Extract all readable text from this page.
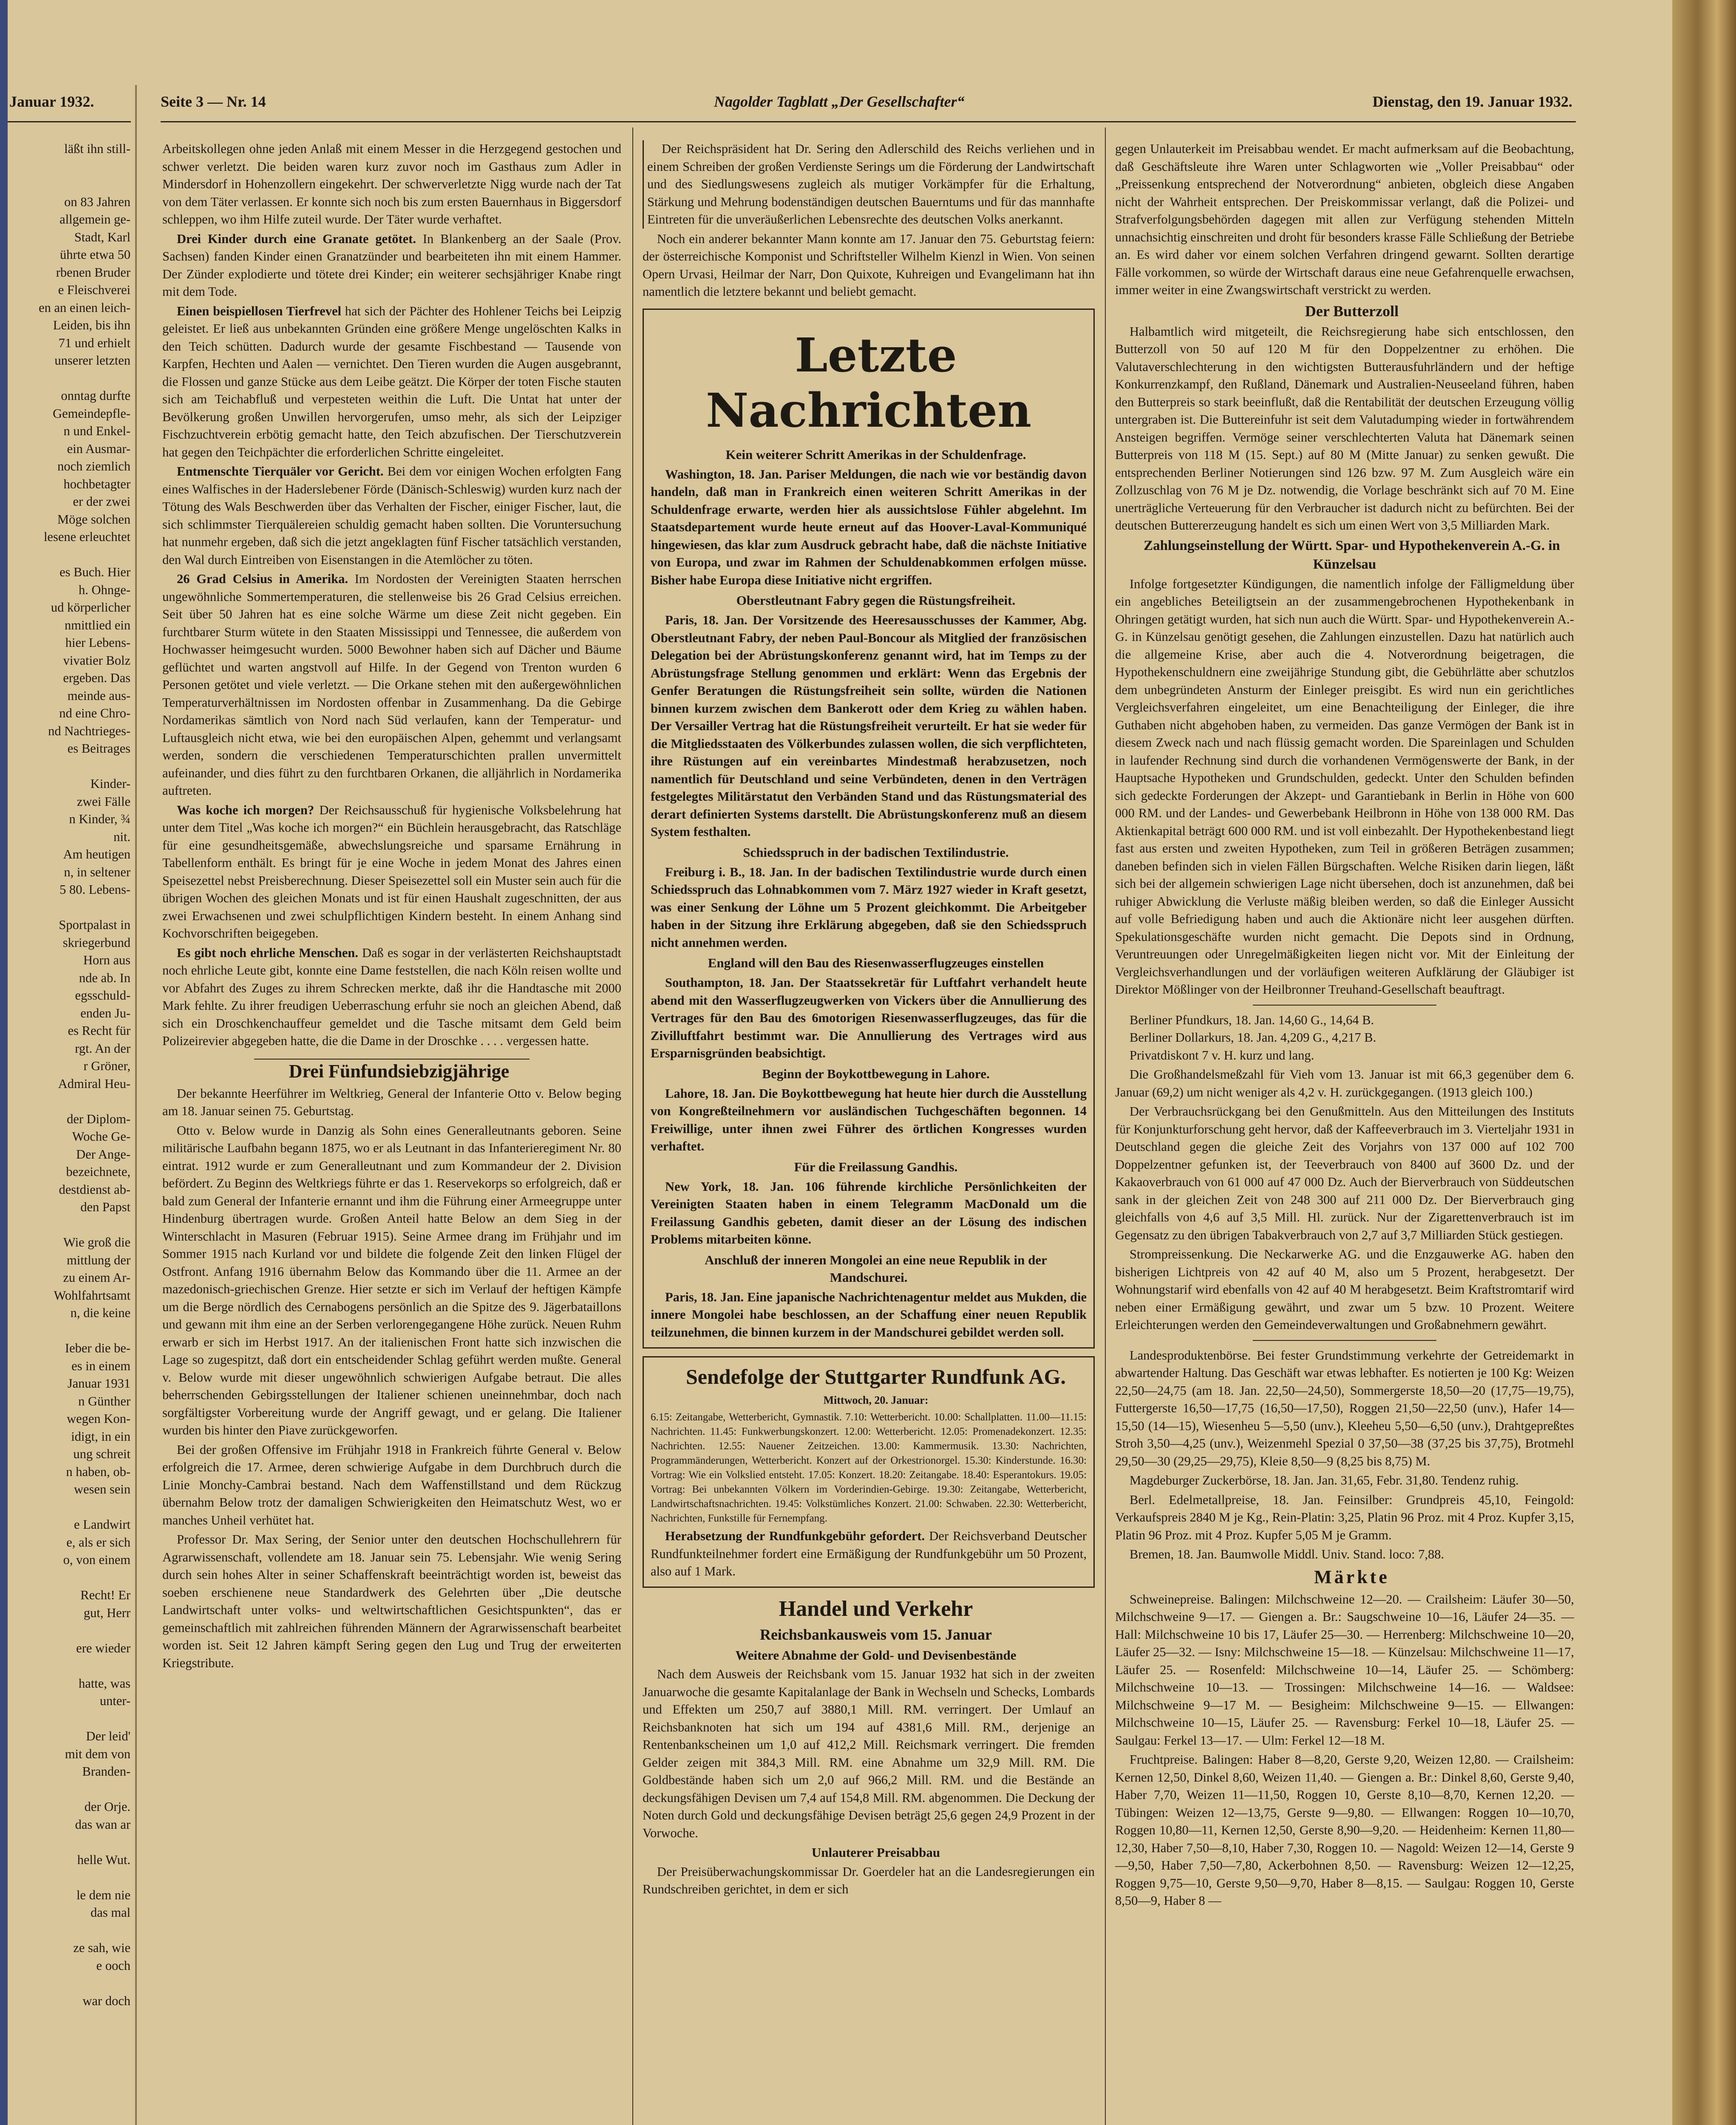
Januar 1932.
läßt ihn still-
on 83 Jahren
allgemein ge-
Stadt, Karl
ührte etwa 50
rbenen Bruder
e Fleischverei
en an einen leich-
Leiden, bis ihn
71 und erhielt
unserer letzten
onntag durfte
Gemeindepfle-
n und Enkel-
ein Ausmar-
noch ziemlich
hochbetagter
er der zwei
Möge solchen
lesene erleuchtet
es Buch. Hier
h. Ohnge-
ud körperlicher
nmittlied ein
hier Lebens-
vivatier Bolz
ergeben. Das
meinde aus-
nd eine Chro-
nd Nachtrieges-
es Beitrages
Kinder-
zwei Fälle
n Kinder, ¾
nit.
Am heutigen
n, in seltener
5 80. Lebens-
Sportpalast in
skriegerbund
Horn aus
nde ab. In
egsschuld-
enden Ju-
es Recht für
rgt. An der
r Gröner,
Admiral Heu-
der Diplom-
Woche Ge-
Der Ange-
bezeichnete,
destdienst ab-
den Papst
Wie groß die
mittlung der
zu einem Ar-
Wohlfahrtsamt
n, die keine
Ieber die be-
es in einem
Januar 1931
n Günther
wegen Kon-
idigt, in ein
ung schreit
n haben, ob-
wesen sein
e Landwirt
e, als er sich
o, von einem
Recht! Er
gut, Herr
ere wieder
hatte, was
unter-
Der leid'
mit dem von
Branden-
der Orje.
das wan ar
helle Wut.
le dem nie
das mal
ze sah, wie
e ooch
war doch
Seite 3 — Nr. 14	Nagolder Tagblatt „Der Gesellschafter“	Dienstag, den 19. Januar 1932.

Arbeitskollegen ohne jeden Anlaß mit einem Messer in die Herzgegend gestochen und schwer verletzt. Die beiden waren kurz zuvor noch im Gasthaus zum Adler in Mindersdorf in Hohenzollern eingekehrt. Der schwerverletzte Nigg wurde nach der Tat von dem Täter verlassen. Er konnte sich noch bis zum ersten Bauernhaus in Biggersdorf schleppen, wo ihm Hilfe zuteil wurde. Der Täter wurde verhaftet.

Drei Kinder durch eine Granate getötet. In Blankenberg an der Saale (Prov. Sachsen) fanden Kinder einen Granatzünder und bearbeiteten ihn mit einem Hammer. Der Zünder explodierte und tötete drei Kinder; ein weiterer sechsjähriger Knabe ringt mit dem Tode.

Einen beispiellosen Tierfrevel hat sich der Pächter des Hohlener Teichs bei Leipzig geleistet. Er ließ aus unbekannten Gründen eine größere Menge ungelöschten Kalks in den Teich schütten. Dadurch wurde der gesamte Fischbestand — Tausende von Karpfen, Hechten und Aalen — vernichtet. Den Tieren wurden die Augen ausgebrannt, die Flossen und ganze Stücke aus dem Leibe geätzt. Die Körper der toten Fische stauten sich am Teichabfluß und verpesteten weithin die Luft. Die Untat hat unter der Bevölkerung großen Unwillen hervorgerufen, umso mehr, als sich der Leipziger Fischzuchtverein erbötig gemacht hatte, den Teich abzufischen. Der Tierschutzverein hat gegen den Teichpächter die erforderlichen Schritte eingeleitet.

Entmenschte Tierquäler vor Gericht. Bei dem vor einigen Wochen erfolgten Fang eines Walfisches in der Haderslebener Förde (Dänisch-Schleswig) wurden kurz nach der Tötung des Wals Beschwerden über das Verhalten der Fischer, einiger Fischer, laut, die sich schlimmster Tierquälereien schuldig gemacht haben sollten. Die Voruntersuchung hat nunmehr ergeben, daß sich die jetzt angeklagten fünf Fischer tatsächlich verstanden, den Wal durch Eintreiben von Eisenstangen in die Atemlöcher zu töten.

26 Grad Celsius in Amerika. Im Nordosten der Vereinigten Staaten herrschen ungewöhnliche Sommertemperaturen, die stellenweise bis 26 Grad Celsius erreichen. Seit über 50 Jahren hat es eine solche Wärme um diese Zeit nicht gegeben. Ein furchtbarer Sturm wütete in den Staaten Mississippi und Tennessee, die außerdem von Hochwasser heimgesucht wurden. 5000 Bewohner haben sich auf Dächer und Bäume geflüchtet und warten angstvoll auf Hilfe. In der Gegend von Trenton wurden 6 Personen getötet und viele verletzt. — Die Orkane stehen mit den außergewöhnlichen Temperaturverhältnissen im Nordosten offenbar in Zusammenhang. Da die Gebirge Nordamerikas sämtlich von Nord nach Süd verlaufen, kann der Temperatur- und Luftausgleich nicht etwa, wie bei den europäischen Alpen, gehemmt und verlangsamt werden, sondern die verschiedenen Temperaturschichten prallen unvermittelt aufeinander, und dies führt zu den furchtbaren Orkanen, die alljährlich in Nordamerika auftreten.

Was koche ich morgen? Der Reichsausschuß für hygienische Volksbelehrung hat unter dem Titel „Was koche ich morgen?“ ein Büchlein herausgebracht, das Ratschläge für eine gesundheitsgemäße, abwechslungsreiche und sparsame Ernährung in Tabellenform enthält. Es bringt für je eine Woche in jedem Monat des Jahres einen Speisezettel nebst Preisberechnung. Dieser Speisezettel soll ein Muster sein auch für die übrigen Wochen des gleichen Monats und ist für einen Haushalt zugeschnitten, der aus zwei Erwachsenen und zwei schulpflichtigen Kindern besteht. In einem Anhang sind Kochvorschriften beigegeben.

Es gibt noch ehrliche Menschen. Daß es sogar in der verlästerten Reichshauptstadt noch ehrliche Leute gibt, konnte eine Dame feststellen, die nach Köln reisen wollte und vor Abfahrt des Zuges zu ihrem Schrecken merkte, daß ihr die Handtasche mit 2000 Mark fehlte. Zu ihrer freudigen Ueberraschung erfuhr sie noch an gleichen Abend, daß sich ein Droschkenchauffeur gemeldet und die Tasche mitsamt dem Geld beim Polizeirevier abgegeben hatte, die die Dame in der Droschke . . . . vergessen hatte.

Drei Fünfundsiebzigjährige

Der bekannte Heerführer im Weltkrieg, General der Infanterie Otto v. Below beging am 18. Januar seinen 75. Geburtstag.

Otto v. Below wurde in Danzig als Sohn eines Generalleutnants geboren. Seine militärische Laufbahn begann 1875, wo er als Leutnant in das Infanterieregiment Nr. 80 eintrat. 1912 wurde er zum Generalleutnant und zum Kommandeur der 2. Division befördert. Zu Beginn des Weltkriegs führte er das 1. Reservekorps so erfolgreich, daß er bald zum General der Infanterie ernannt und ihm die Führung einer Armeegruppe unter Hindenburg übertragen wurde. Großen Anteil hatte Below an dem Sieg in der Winterschlacht in Masuren (Februar 1915). Seine Armee drang im Frühjahr und im Sommer 1915 nach Kurland vor und bildete die folgende Zeit den linken Flügel der Ostfront. Anfang 1916 übernahm Below das Kommando über die 11. Armee an der mazedonisch-griechischen Grenze. Hier setzte er sich im Verlauf der heftigen Kämpfe um die Berge nördlich des Cernabogens persönlich an die Spitze des 9. Jägerbataillons und gewann mit ihm eine an der Serben verlorengegangene Höhe zurück. Neuen Ruhm erwarb er sich im Herbst 1917. An der italienischen Front hatte sich inzwischen die Lage so zugespitzt, daß dort ein entscheidender Schlag geführt werden mußte. General v. Below wurde mit dieser ungewöhnlich schwierigen Aufgabe betraut. Die alles beherrschenden Gebirgsstellungen der Italiener schienen uneinnehmbar, doch nach sorgfältigster Vorbereitung wurde der Angriff gewagt, und er gelang. Die Italiener wurden bis hinter den Piave zurückgeworfen.

Bei der großen Offensive im Frühjahr 1918 in Frankreich führte General v. Below erfolgreich die 17. Armee, deren schwierige Aufgabe in dem Durchbruch durch die Linie Monchy-Cambrai bestand. Nach dem Waffenstillstand und dem Rückzug übernahm Below trotz der damaligen Schwierigkeiten den Heimatschutz West, wo er manches Unheil verhütet hat.

Professor Dr. Max Sering, der Senior unter den deutschen Hochschullehrern für Agrarwissenschaft, vollendete am 18. Januar sein 75. Lebensjahr. Wie wenig Sering durch sein hohes Alter in seiner Schaffenskraft beeinträchtigt worden ist, beweist das soeben erschienene neue Standardwerk des Gelehrten über „Die deutsche Landwirtschaft unter volks- und weltwirtschaftlichen Gesichtspunkten“, das er gemeinschaftlich mit zahlreichen führenden Männern der Agrarwissenschaft bearbeitet worden ist. Seit 12 Jahren kämpft Sering gegen den Lug und Trug der erweiterten Kriegstribute.

Der Reichspräsident hat Dr. Sering den Adlerschild des Reichs verliehen und in einem Schreiben der großen Verdienste Serings um die Förderung der Landwirtschaft und des Siedlungswesens zugleich als mutiger Vorkämpfer für die Erhaltung, Stärkung und Mehrung bodenständigen deutschen Bauerntums und für das mannhafte Eintreten für die unveräußerlichen Lebensrechte des deutschen Volks anerkannt.

Noch ein anderer bekannter Mann konnte am 17. Januar den 75. Geburtstag feiern: der österreichische Komponist und Schriftsteller Wilhelm Kienzl in Wien. Von seinen Opern Urvasi, Heilmar der Narr, Don Quixote, Kuhreigen und Evangelimann hat ihn namentlich die letztere bekannt und beliebt gemacht.

Letzte Nachrichten

Kein weiterer Schritt Amerikas in der Schuldenfrage.

Washington, 18. Jan. Pariser Meldungen, die nach wie vor beständig davon handeln, daß man in Frankreich einen weiteren Schritt Amerikas in der Schuldenfrage erwarte, werden hier als aussichtslose Fühler abgelehnt. Im Staatsdepartement wurde heute erneut auf das Hoover-Laval-Kommuniqué hingewiesen, das klar zum Ausdruck gebracht habe, daß die nächste Initiative von Europa, und zwar im Rahmen der Schuldenabkommen erfolgen müsse. Bisher habe Europa diese Initiative nicht ergriffen.

Oberstleutnant Fabry gegen die Rüstungsfreiheit.

Paris, 18. Jan. Der Vorsitzende des Heeresausschusses der Kammer, Abg. Oberstleutnant Fabry, der neben Paul-Boncour als Mitglied der französischen Delegation bei der Abrüstungskonferenz genannt wird, hat im Temps zu der Abrüstungsfrage Stellung genommen und erklärt: Wenn das Ergebnis der Genfer Beratungen die Rüstungsfreiheit sein sollte, würden die Nationen binnen kurzem zwischen dem Bankerott oder dem Krieg zu wählen haben. Der Versailler Vertrag hat die Rüstungsfreiheit verurteilt. Er hat sie weder für die Mitgliedsstaaten des Völkerbundes zulassen wollen, die sich verpflichteten, ihre Rüstungen auf ein vereinbartes Mindestmaß herabzusetzen, noch namentlich für Deutschland und seine Verbündeten, denen in den Verträgen festgelegtes Militärstatut den Verbänden Stand und das Rüstungsmaterial des derart definierten Systems darstellt. Die Abrüstungskonferenz muß an diesem System festhalten.

Schiedsspruch in der badischen Textilindustrie.

Freiburg i. B., 18. Jan. In der badischen Textilindustrie wurde durch einen Schiedsspruch das Lohnabkommen vom 7. März 1927 wieder in Kraft gesetzt, was einer Senkung der Löhne um 5 Prozent gleichkommt. Die Arbeitgeber haben in der Sitzung ihre Erklärung abgegeben, daß sie den Schiedsspruch nicht annehmen werden.

England will den Bau des Riesenwasserflugzeuges einstellen

Southampton, 18. Jan. Der Staatssekretär für Luftfahrt verhandelt heute abend mit den Wasserflugzeugwerken von Vickers über die Annullierung des Vertrages für den Bau des 6motorigen Riesenwasserflugzeuges, das für die Zivilluftfahrt bestimmt war. Die Annullierung des Vertrages wird aus Ersparnisgründen beabsichtigt.

Beginn der Boykottbewegung in Lahore.

Lahore, 18. Jan. Die Boykottbewegung hat heute hier durch die Ausstellung von Kongreßteilnehmern vor ausländischen Tuchgeschäften begonnen. 14 Freiwillige, unter ihnen zwei Führer des örtlichen Kongresses wurden verhaftet.

Für die Freilassung Gandhis.

New York, 18. Jan. 106 führende kirchliche Persönlichkeiten der Vereinigten Staaten haben in einem Telegramm MacDonald um die Freilassung Gandhis gebeten, damit dieser an der Lösung des indischen Problems mitarbeiten könne.

Anschluß der inneren Mongolei an eine neue Republik in der Mandschurei.

Paris, 18. Jan. Eine japanische Nachrichtenagentur meldet aus Mukden, die innere Mongolei habe beschlossen, an der Schaffung einer neuen Republik teilzunehmen, die binnen kurzem in der Mandschurei gebildet werden soll.

Sendefolge der Stuttgarter Rundfunk AG.

Mittwoch, 20. Januar:

6.15: Zeitangabe, Wetterbericht, Gymnastik. 7.10: Wetterbericht. 10.00: Schallplatten. 11.00—11.15: Nachrichten. 11.45: Funkwerbungskonzert. 12.00: Wetterbericht. 12.05: Promenadekonzert. 12.35: Nachrichten. 12.55: Nauener Zeitzeichen. 13.00: Kammermusik. 13.30: Nachrichten, Programmänderungen, Wetterbericht. Konzert auf der Orkestrionorgel. 15.30: Kinderstunde. 16.30: Vortrag: Wie ein Volkslied entsteht. 17.05: Konzert. 18.20: Zeitangabe. 18.40: Esperantokurs. 19.05: Vortrag: Bei unbekannten Völkern im Vorderindien-Gebirge. 19.30: Zeitangabe, Wetterbericht, Landwirtschaftsnachrichten. 19.45: Volkstümliches Konzert. 21.00: Schwaben. 22.30: Wetterbericht, Nachrichten, Funkstille für Fernempfang.

Herabsetzung der Rundfunkgebühr gefordert. Der Reichsverband Deutscher Rundfunkteilnehmer fordert eine Ermäßigung der Rundfunkgebühr um 50 Prozent, also auf 1 Mark.

Handel und Verkehr

Reichsbankausweis vom 15. Januar

Weitere Abnahme der Gold- und Devisenbestände

Nach dem Ausweis der Reichsbank vom 15. Januar 1932 hat sich in der zweiten Januarwoche die gesamte Kapitalanlage der Bank in Wechseln und Schecks, Lombards und Effekten um 250,7 auf 3880,1 Mill. RM. verringert. Der Umlauf an Reichsbanknoten hat sich um 194 auf 4381,6 Mill. RM., derjenige an Rentenbankscheinen um 1,0 auf 412,2 Mill. Reichsmark verringert. Die fremden Gelder zeigen mit 384,3 Mill. RM. eine Abnahme um 32,9 Mill. RM. Die Goldbestände haben sich um 2,0 auf 966,2 Mill. RM. und die Bestände an deckungsfähigen Devisen um 7,4 auf 154,8 Mill. RM. abgenommen. Die Deckung der Noten durch Gold und deckungsfähige Devisen beträgt 25,6 gegen 24,9 Prozent in der Vorwoche.

Unlauterer Preisabbau

Der Preisüberwachungskommissar Dr. Goerdeler hat an die Landesregierungen ein Rundschreiben gerichtet, in dem er sich

gegen Unlauterkeit im Preisabbau wendet. Er macht aufmerksam auf die Beobachtung, daß Geschäftsleute ihre Waren unter Schlagworten wie „Voller Preisabbau“ oder „Preissenkung entsprechend der Notverordnung“ anbieten, obgleich diese Angaben nicht der Wahrheit entsprechen. Der Preiskommissar verlangt, daß die Polizei- und Strafverfolgungsbehörden dagegen mit allen zur Verfügung stehenden Mitteln unnachsichtig einschreiten und droht für besonders krasse Fälle Schließung der Betriebe an. Es wird daher vor einem solchen Verfahren dringend gewarnt. Sollten derartige Fälle vorkommen, so würde der Wirtschaft daraus eine neue Gefahrenquelle erwachsen, immer weiter in eine Zwangswirtschaft verstrickt zu werden.

Der Butterzoll

Halbamtlich wird mitgeteilt, die Reichsregierung habe sich entschlossen, den Butterzoll von 50 auf 120 M für den Doppelzentner zu erhöhen. Die Valutaverschlechterung in den wichtigsten Butterausfuhrländern und der heftige Konkurrenzkampf, den Rußland, Dänemark und Australien-Neuseeland führen, haben den Butterpreis so stark beeinflußt, daß die Rentabilität der deutschen Erzeugung völlig untergraben ist. Die Buttereinfuhr ist seit dem Valutadumping wieder in fortwährendem Ansteigen begriffen. Vermöge seiner verschlechterten Valuta hat Dänemark seinen Butterpreis von 118 M (15. Sept.) auf 80 M (Mitte Januar) zu senken gewußt. Die entsprechenden Berliner Notierungen sind 126 bzw. 97 M. Zum Ausgleich wäre ein Zollzuschlag von 76 M je Dz. notwendig, die Vorlage beschränkt sich auf 70 M. Eine unerträgliche Verteuerung für den Verbraucher ist dadurch nicht zu befürchten. Bei der deutschen Buttererzeugung handelt es sich um einen Wert von 3,5 Milliarden Mark.

Zahlungseinstellung der Württ. Spar- und Hypothekenverein A.-G. in Künzelsau

Infolge fortgesetzter Kündigungen, die namentlich infolge der Fälligmeldung über ein angebliches Beteiligtsein an der zusammengebrochenen Hypothekenbank in Ohringen getätigt wurden, hat sich nun auch die Württ. Spar- und Hypothekenverein A.-G. in Künzelsau genötigt gesehen, die Zahlungen einzustellen. Dazu hat natürlich auch die allgemeine Krise, aber auch die 4. Notverordnung beigetragen, die Hypothekenschuldnern eine zweijährige Stundung gibt, die Gebührlätte aber schutzlos dem unbegründeten Ansturm der Einleger preisgibt. Es wird nun ein gerichtliches Vergleichsverfahren eingeleitet, um eine Benachteiligung der Einleger, die ihre Guthaben nicht abgehoben haben, zu vermeiden. Das ganze Vermögen der Bank ist in diesem Zweck nach und nach flüssig gemacht worden. Die Spareinlagen und Schulden in laufender Rechnung sind durch die vorhandenen Vermögenswerte der Bank, in der Hauptsache Hypotheken und Grundschulden, gedeckt. Unter den Schulden befinden sich gedeckte Forderungen der Akzept- und Garantiebank in Berlin in Höhe von 600 000 RM. und der Landes- und Gewerbebank Heilbronn in Höhe von 138 000 RM. Das Aktienkapital beträgt 600 000 RM. und ist voll einbezahlt. Der Hypothekenbestand liegt fast aus ersten und zweiten Hypotheken, zum Teil in größeren Beträgen zusammen; daneben befinden sich in vielen Fällen Bürgschaften. Welche Risiken darin liegen, läßt sich bei der allgemein schwierigen Lage nicht übersehen, doch ist anzunehmen, daß bei ruhiger Abwicklung die Verluste mäßig bleiben werden, so daß die Einleger Aussicht auf volle Befriedigung haben und auch die Aktionäre nicht leer ausgehen dürften. Spekulationsgeschäfte wurden nicht gemacht. Die Depots sind in Ordnung, Veruntreuungen oder Unregelmäßigkeiten liegen nicht vor. Mit der Einleitung der Vergleichsverhandlungen und der vorläufigen weiteren Aufklärung der Gläubiger ist Direktor Mößlinger von der Heilbronner Treuhand-Gesellschaft beauftragt.

Berliner Pfundkurs, 18. Jan. 14,60 G., 14,64 B.

Berliner Dollarkurs, 18. Jan. 4,209 G., 4,217 B.

Privatdiskont 7 v. H. kurz und lang.

Die Großhandelsmeßzahl für Vieh vom 13. Januar ist mit 66,3 gegenüber dem 6. Januar (69,2) um nicht weniger als 4,2 v. H. zurückgegangen. (1913 gleich 100.)

Der Verbrauchsrückgang bei den Genußmitteln. Aus den Mitteilungen des Instituts für Konjunkturforschung geht hervor, daß der Kaffeeverbrauch im 3. Vierteljahr 1931 in Deutschland gegen die gleiche Zeit des Vorjahrs von 137 000 auf 102 700 Doppelzentner gefunken ist, der Teeverbrauch von 8400 auf 3600 Dz. und der Kakaoverbrauch von 61 000 auf 47 000 Dz. Auch der Bierverbrauch von Süddeutschen sank in der gleichen Zeit von 248 300 auf 211 000 Dz. Der Bierverbrauch ging gleichfalls von 4,6 auf 3,5 Mill. Hl. zurück. Nur der Zigarettenverbrauch ist im Gegensatz zu den übrigen Tabakverbrauch von 2,7 auf 3,7 Milliarden Stück gestiegen.

Strompreissenkung. Die Neckarwerke AG. und die Enzgauwerke AG. haben den bisherigen Lichtpreis von 42 auf 40 M, also um 5 Prozent, herabgesetzt. Der Wohnungstarif wird ebenfalls von 42 auf 40 M herabgesetzt. Beim Kraftstromtarif wird neben einer Ermäßigung gewährt, und zwar um 5 bzw. 10 Prozent. Weitere Erleichterungen werden den Gemeindeverwaltungen und Großabnehmern gewährt.

Landesproduktenbörse. Bei fester Grundstimmung verkehrte der Getreidemarkt in abwartender Haltung. Das Geschäft war etwas lebhafter. Es notierten je 100 Kg: Weizen 22,50—24,75 (am 18. Jan. 22,50—24,50), Sommergerste 18,50—20 (17,75—19,75), Futtergerste 16,50—17,75 (16,50—17,50), Roggen 21,50—22,50 (unv.), Hafer 14—15,50 (14—15), Wiesenheu 5—5,50 (unv.), Kleeheu 5,50—6,50 (unv.), Drahtgepreßtes Stroh 3,50—4,25 (unv.), Weizenmehl Spezial 0 37,50—38 (37,25 bis 37,75), Brotmehl 29,50—30 (29,25—29,75), Kleie 8,50—9 (8,25 bis 8,75) M.

Magdeburger Zuckerbörse, 18. Jan. Jan. 31,65, Febr. 31,80. Tendenz ruhig.

Berl. Edelmetallpreise, 18. Jan. Feinsilber: Grundpreis 45,10, Feingold: Verkaufspreis 2840 M je Kg., Rein-Platin: 3,25, Platin 96 Proz. mit 4 Proz. Kupfer 3,15, Platin 96 Proz. mit 4 Proz. Kupfer 5,05 M je Gramm.

Bremen, 18. Jan. Baumwolle Middl. Univ. Stand. loco: 7,88.

Märkte

Schweinepreise. Balingen: Milchschweine 12—20. — Crailsheim: Läufer 30—50, Milchschweine 9—17. — Giengen a. Br.: Saugschweine 10—16, Läufer 24—35. — Hall: Milchschweine 10 bis 17, Läufer 25—30. — Herrenberg: Milchschweine 10—20, Läufer 25—32. — Isny: Milchschweine 15—18. — Künzelsau: Milchschweine 11—17, Läufer 25. — Rosenfeld: Milchschweine 10—14, Läufer 25. — Schömberg: Milchschweine 10—13. — Trossingen: Milchschweine 14—16. — Waldsee: Milchschweine 9—17 M. — Besigheim: Milchschweine 9—15. — Ellwangen: Milchschweine 10—15, Läufer 25. — Ravensburg: Ferkel 10—18, Läufer 25. — Saulgau: Ferkel 13—17. — Ulm: Ferkel 12—18 M.

Fruchtpreise. Balingen: Haber 8—8,20, Gerste 9,20, Weizen 12,80. — Crailsheim: Kernen 12,50, Dinkel 8,60, Weizen 11,40. — Giengen a. Br.: Dinkel 8,60, Gerste 9,40, Haber 7,70, Weizen 11—11,50, Roggen 10, Gerste 8,10—8,70, Kernen 12,20. — Tübingen: Weizen 12—13,75, Gerste 9—9,80. — Ellwangen: Roggen 10—10,70, Roggen 10,80—11, Kernen 12,50, Gerste 8,90—9,20. — Heidenheim: Kernen 11,80—12,30, Haber 7,50—8,10, Haber 7,30, Roggen 10. — Nagold: Weizen 12—14, Gerste 9—9,50, Haber 7,50—7,80, Ackerbohnen 8,50. — Ravensburg: Weizen 12—12,25, Roggen 9,75—10, Gerste 9,50—9,70, Haber 8—8,15. — Saulgau: Roggen 10, Gerste 8,50—9, Haber 8 —
